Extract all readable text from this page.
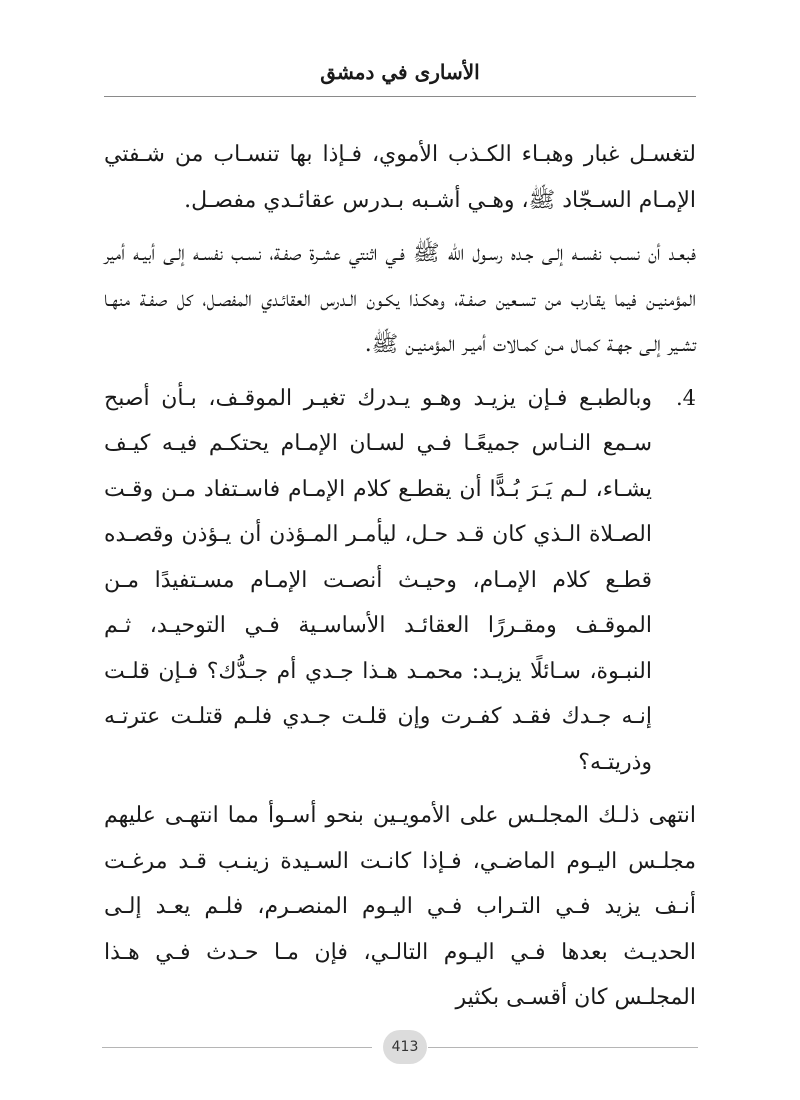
الأسارى في دمشق

لتغسـل غبار وهبـاء الكـذب الأموي، فـإذا بها تنسـاب من شـفتي الإمـام السـجّاد ﷺ، وهـي أشـبه بـدرس عقائـدي مفصـل.

فبعـد أن نسـب نفسـه إلـى جـده رسـول الله ﷺ فـي اثنتي عشـرة صفـة، نسـب نفسـه إلـى أبيـه أمير المؤمنيـن فيما يقـارب من تسـعين صفـة، وهكـذا يكـون الـدرس العقائـدي المفصـل، كل صفـة منهـا تشـير إلـى جهـة كمـال مـن كمـالات أميـر المؤمنيـن ﷺ.

4.
وبالطبـع فـإن يزيـد وهـو يـدرك تغيـر الموقـف، بـأن أصبح سـمع النـاس جميعًـا فـي لسـان الإمـام يحتكـم فيـه كيـف يشـاء، لـم يَـرَ بُـدًّا أن يقطـع كلام الإمـام فاسـتفاد مـن وقـت الصـلاة الـذي كان قـد حـل، ليأمـر المـؤذن أن يـؤذن وقصـده قطـع كلام الإمـام، وحيـث أنصـت الإمـام مسـتفيدًا مـن الموقـف ومقـررًا العقائـد الأساسـية فـي التوحيـد، ثـم النبـوة، سـائلًا يزيـد: محمـد هـذا جـدي أم جـدُّك؟ فـإن قلـت إنـه جـدك فقـد كفـرت وإن قلـت جـدي فلـم قتلـت عترتـه وذريتـه؟

انتهى ذلـك المجلـس على الأمويـين بنحو أسـوأ مما انتهـى عليهم مجلـس اليـوم الماضـي، فـإذا كانـت السـيدة زينـب قـد مرغـت أنـف يزيد فـي التـراب فـي اليـوم المنصـرم، فلـم يعـد إلـى الحديـث بعدها فـي اليـوم التالـي، فإن مـا حـدث فـي هـذا المجلـس كان أقسـى بكثير

413
